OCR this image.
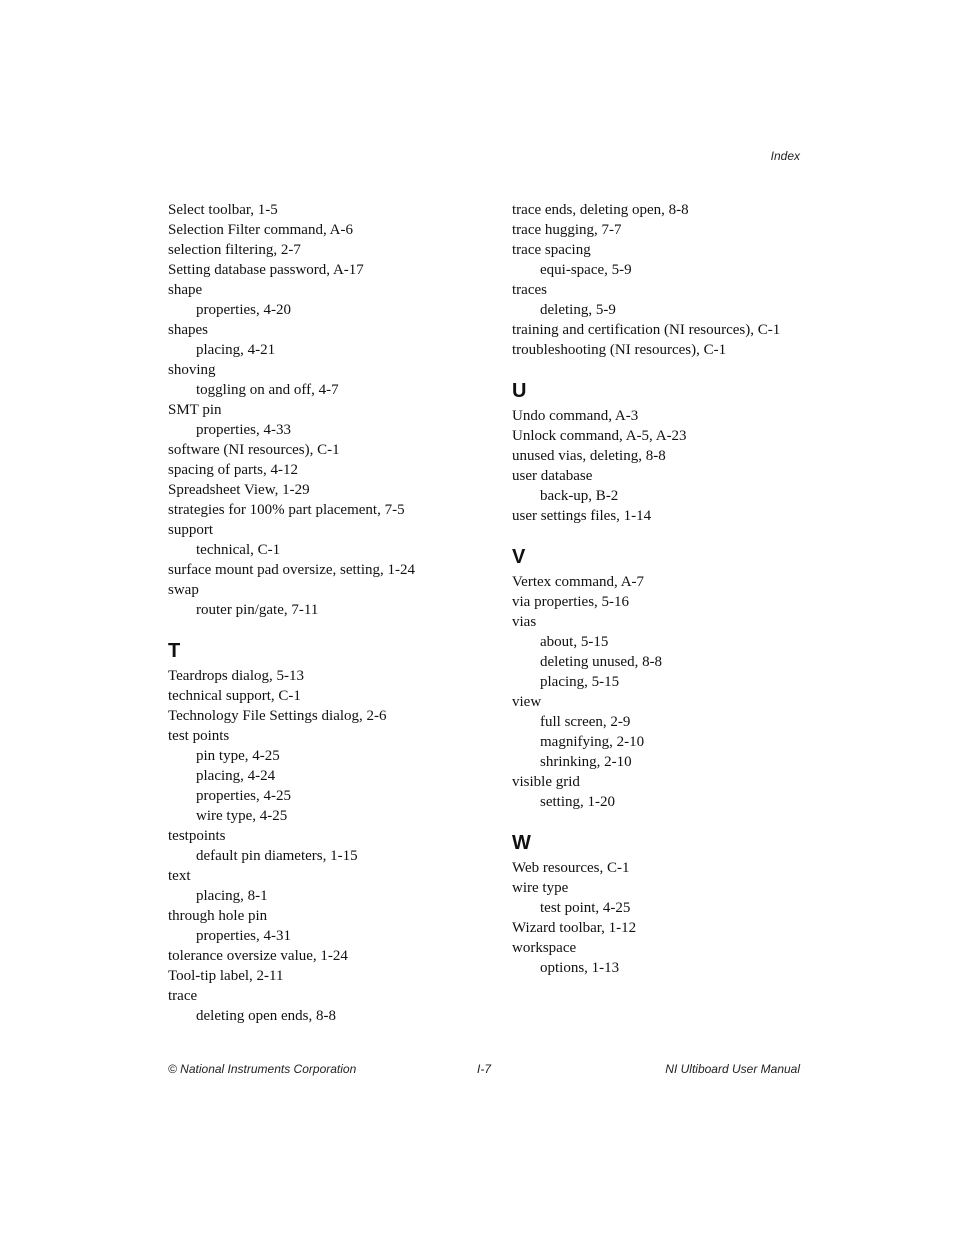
Index
Select toolbar, 1-5
Selection Filter command, A-6
selection filtering, 2-7
Setting database password, A-17
shape
properties, 4-20
shapes
placing, 4-21
shoving
toggling on and off, 4-7
SMT pin
properties, 4-33
software (NI resources), C-1
spacing of parts, 4-12
Spreadsheet View, 1-29
strategies for 100% part placement, 7-5
support
technical, C-1
surface mount pad oversize, setting, 1-24
swap
router pin/gate, 7-11
T
Teardrops dialog, 5-13
technical support, C-1
Technology File Settings dialog, 2-6
test points
pin type, 4-25
placing, 4-24
properties, 4-25
wire type, 4-25
testpoints
default pin diameters, 1-15
text
placing, 8-1
through hole pin
properties, 4-31
tolerance oversize value, 1-24
Tool-tip label, 2-11
trace
deleting open ends, 8-8
trace ends, deleting open, 8-8
trace hugging, 7-7
trace spacing
equi-space, 5-9
traces
deleting, 5-9
training and certification (NI resources), C-1
troubleshooting (NI resources), C-1
U
Undo command, A-3
Unlock command, A-5, A-23
unused vias, deleting, 8-8
user database
back-up, B-2
user settings files, 1-14
V
Vertex command, A-7
via properties, 5-16
vias
about, 5-15
deleting unused, 8-8
placing, 5-15
view
full screen, 2-9
magnifying, 2-10
shrinking, 2-10
visible grid
setting, 1-20
W
Web resources, C-1
wire type
test point, 4-25
Wizard toolbar, 1-12
workspace
options, 1-13
© National Instruments Corporation	I-7	NI Ultiboard User Manual
